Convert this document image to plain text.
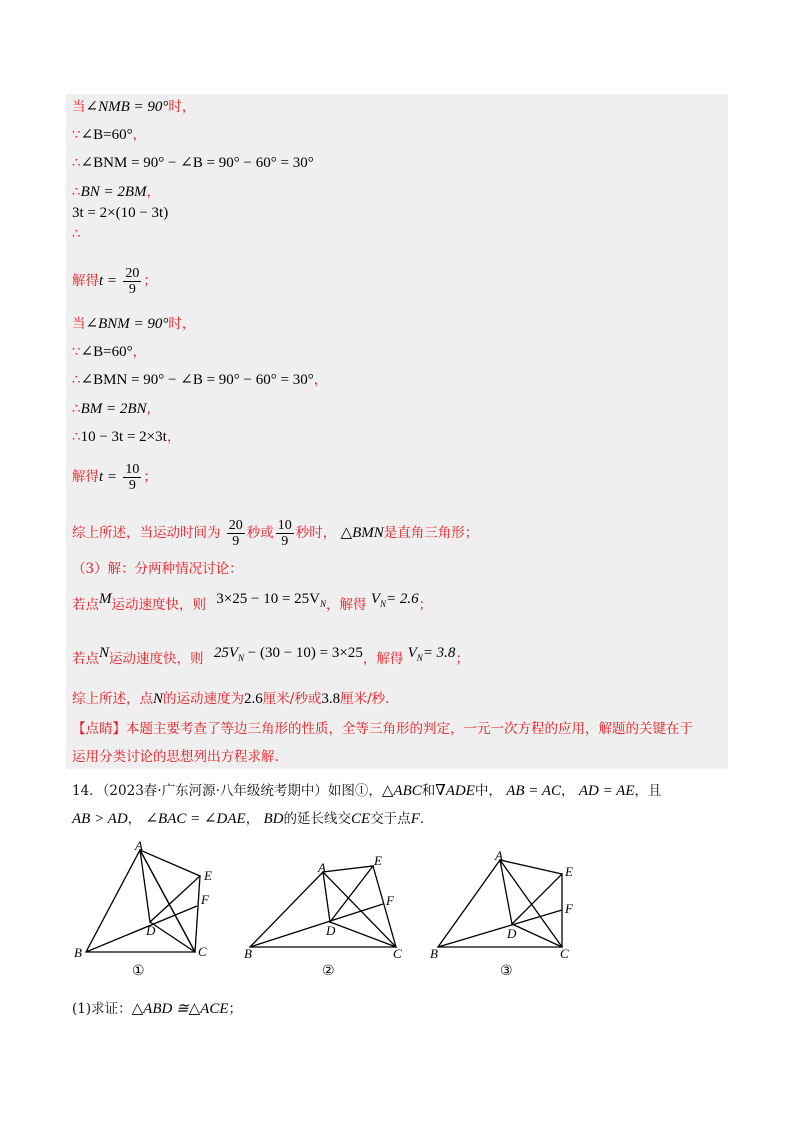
当∠NMB = 90°时，
∵∠B=60°，
∴∠BNM = 90° − ∠B = 90° − 60° = 30°
∴BN = 2BM，
3t = 2×(10 − 3t)
∴
解得$t = \frac{20}{9}$ ；
当∠BNM = 90°时，
∵∠B=60°，
∴∠BMN = 90° − ∠B = 90° − 60° = 30°，
∴BM = 2BN，
∴10 − 3t = 2×3t，
解得$t = \frac{10}{9}$ ；
综上所述，当运动时间为 $\frac{20}{9}$ 秒或 $\frac{10}{9}$ 秒时， △BMN是直角三角形；
（3）解：分两种情况讨论：
若点M运动速度快，则 $3\times 25 - 10 = 25V_N$，解得 $V_N= 2.6$；
若点N运动速度快，则 $25V_N - (30 - 10) = 3\times 25$，解得 $V_N= 3.8$；
综上所述，点N的运动速度为2.6厘米/秒或3.8厘米/秒.
【点睛】本题主要考查了等边三角形的性质，全等三角形的判定，一元一次方程的应用，解题的关键在于
运用分类讨论的思想列出方程求解.
14．（2023春·广东河源·八年级统考期中）如图①，△ABC和∇ADE中， AB = AC， AD = AE，且
AB > AD， ∠BAC = ∠DAE， BD的延长线交CE交于点F．
A
B	C
D
E
F
A
B	C
D
E
F
A
B	C
D
E
F
①	②	③
(1)求证：△ABD ≅△ACE；
